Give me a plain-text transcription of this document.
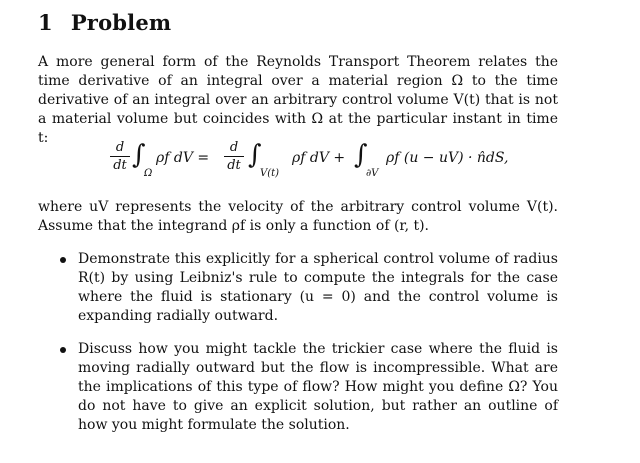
1 Problem
A more general form of the Reynolds Transport Theorem relates the time derivative of an integral over a material region Ω to the time derivative of an integral over an arbitrary control volume V(t) that is not a material volume but coincides with Ω at the particular instant in time t:
d
dt ∫
Ω
ρf dV =
d
dt ∫
V(t)
ρf dV + ∫
∂V
ρf (u − uV) · n̂dS,
where uV represents the velocity of the arbitrary control volume V(t). Assume that the integrand ρf is only a function of (r, t).
Demonstrate this explicitly for a spherical control volume of radius R(t) by using Leibniz's rule to compute the integrals for the case where the fluid is stationary (u = 0) and the control volume is expanding radially outward.
Discuss how you might tackle the trickier case where the fluid is moving radially outward but the flow is incompressible. What are the implications of this type of flow? How might you define Ω? You do not have to give an explicit solution, but rather an outline of how you might formulate the solution.
